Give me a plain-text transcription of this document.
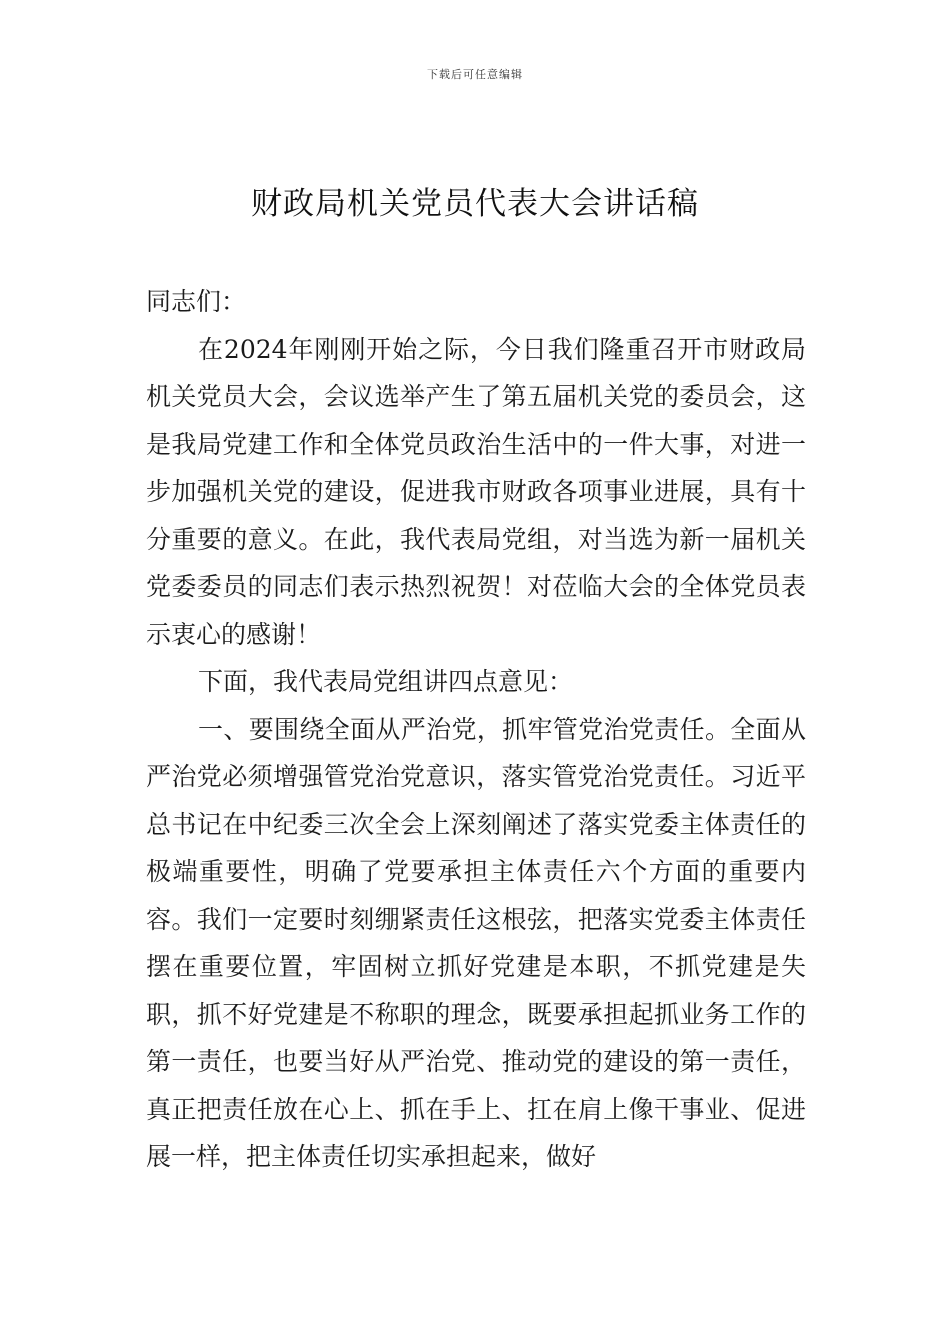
下载后可任意编辑
财政局机关党员代表大会讲话稿

同志们：

在2024年刚刚开始之际，今日我们隆重召开市财政局机关党员大会，会议选举产生了第五届机关党的委员会，这是我局党建工作和全体党员政治生活中的一件大事，对进一步加强机关党的建设，促进我市财政各项事业进展，具有十分重要的意义。在此，我代表局党组，对当选为新一届机关党委委员的同志们表示热烈祝贺！对莅临大会的全体党员表示衷心的感谢！

下面，我代表局党组讲四点意见：

一、要围绕全面从严治党，抓牢管党治党责任。全面从严治党必须增强管党治党意识，落实管党治党责任。习近平总书记在中纪委三次全会上深刻阐述了落实党委主体责任的极端重要性，明确了党要承担主体责任六个方面的重要内容。我们一定要时刻绷紧责任这根弦，把落实党委主体责任摆在重要位置，牢固树立抓好党建是本职，不抓党建是失职，抓不好党建是不称职的理念，既要承担起抓业务工作的第一责任，也要当好从严治党、推动党的建设的第一责任，真正把责任放在心上、抓在手上、扛在肩上像干事业、促进展一样，把主体责任切实承担起来，做好
